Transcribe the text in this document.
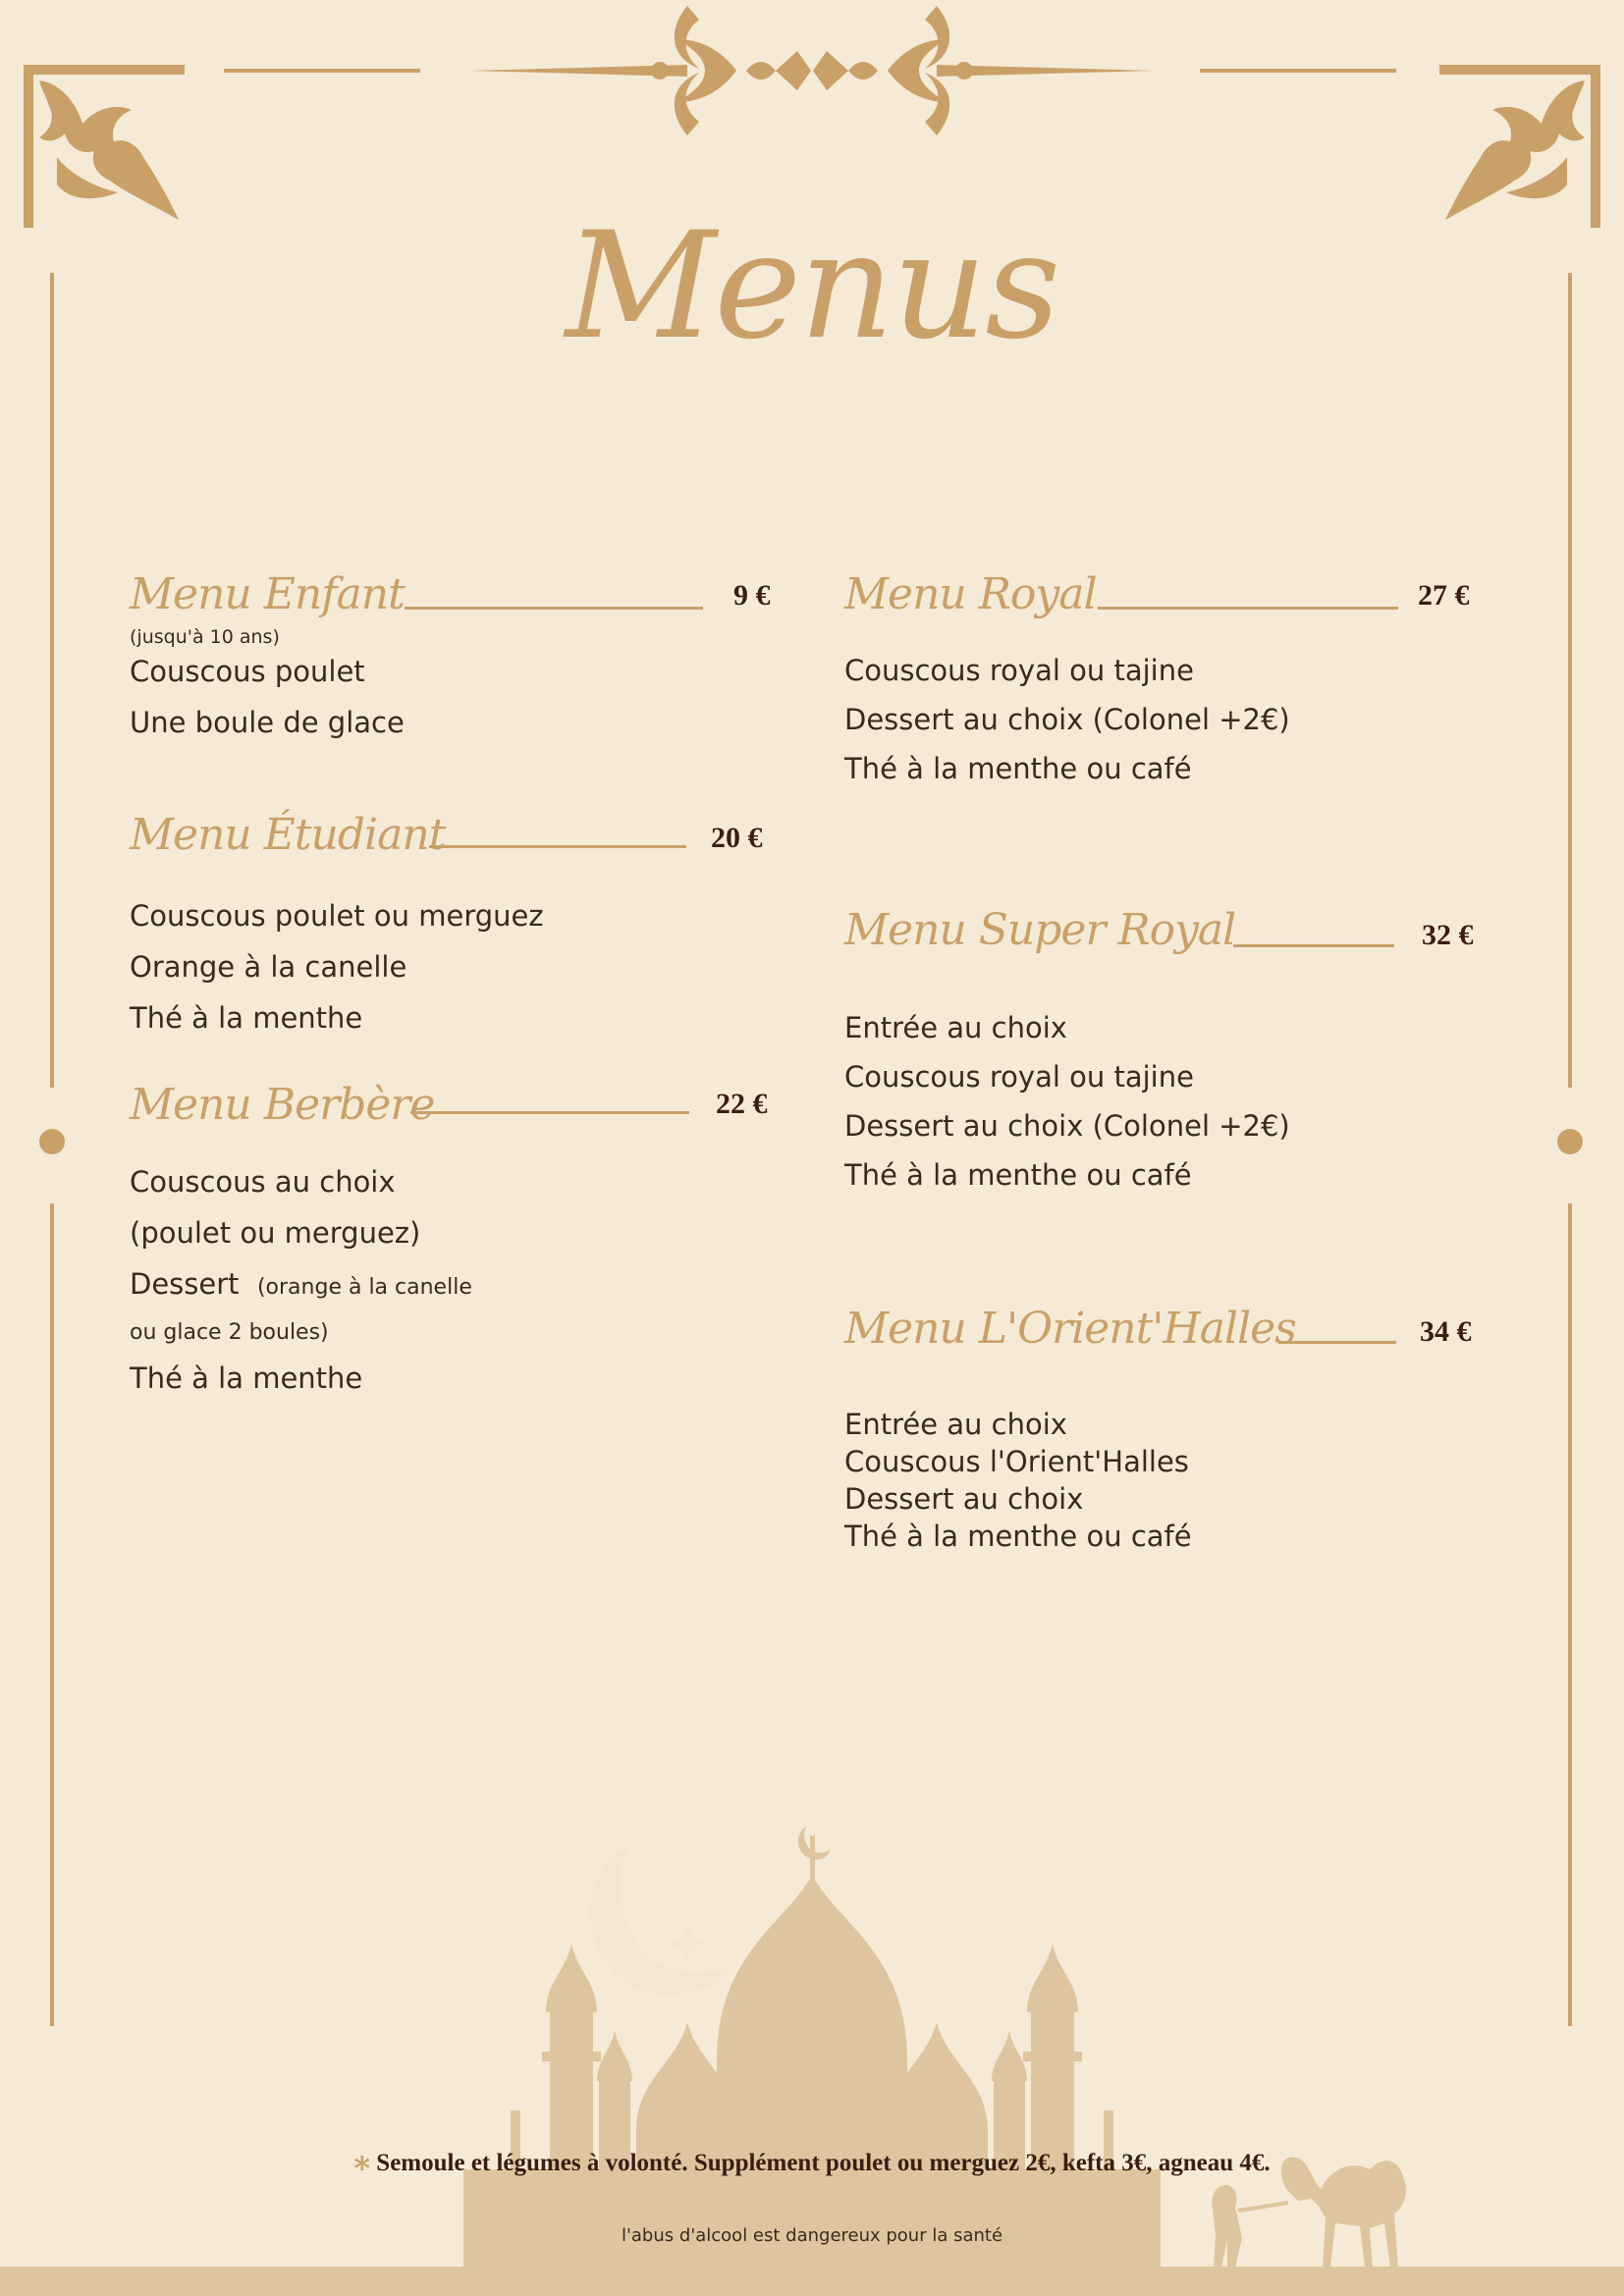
Menus
Menu Enfant	9 €
(jusqu'à 10 ans)
Couscous poulet
Une boule de glace
Menu Étudiant	20 €
Couscous poulet ou merguez
Orange à la canelle
Thé à la menthe
Menu Berbère	22 €
Couscous au choix
(poulet ou merguez)
Dessert (orange à la canelle
ou glace 2 boules)
Thé à la menthe
Menu Royal	27 €
Couscous royal ou tajine
Dessert au choix (Colonel +2€)
Thé à la menthe ou café
Menu Super Royal	32 €
Entrée au choix
Couscous royal ou tajine
Dessert au choix (Colonel +2€)
Thé à la menthe ou café
Menu L'Orient'Halles	34 €
Entrée au choix
Couscous l'Orient'Halles
Dessert au choix
Thé à la menthe ou café
* Semoule et légumes à volonté. Supplément poulet ou merguez 2€, kefta 3€, agneau 4€.
l'abus d'alcool est dangereux pour la santé
